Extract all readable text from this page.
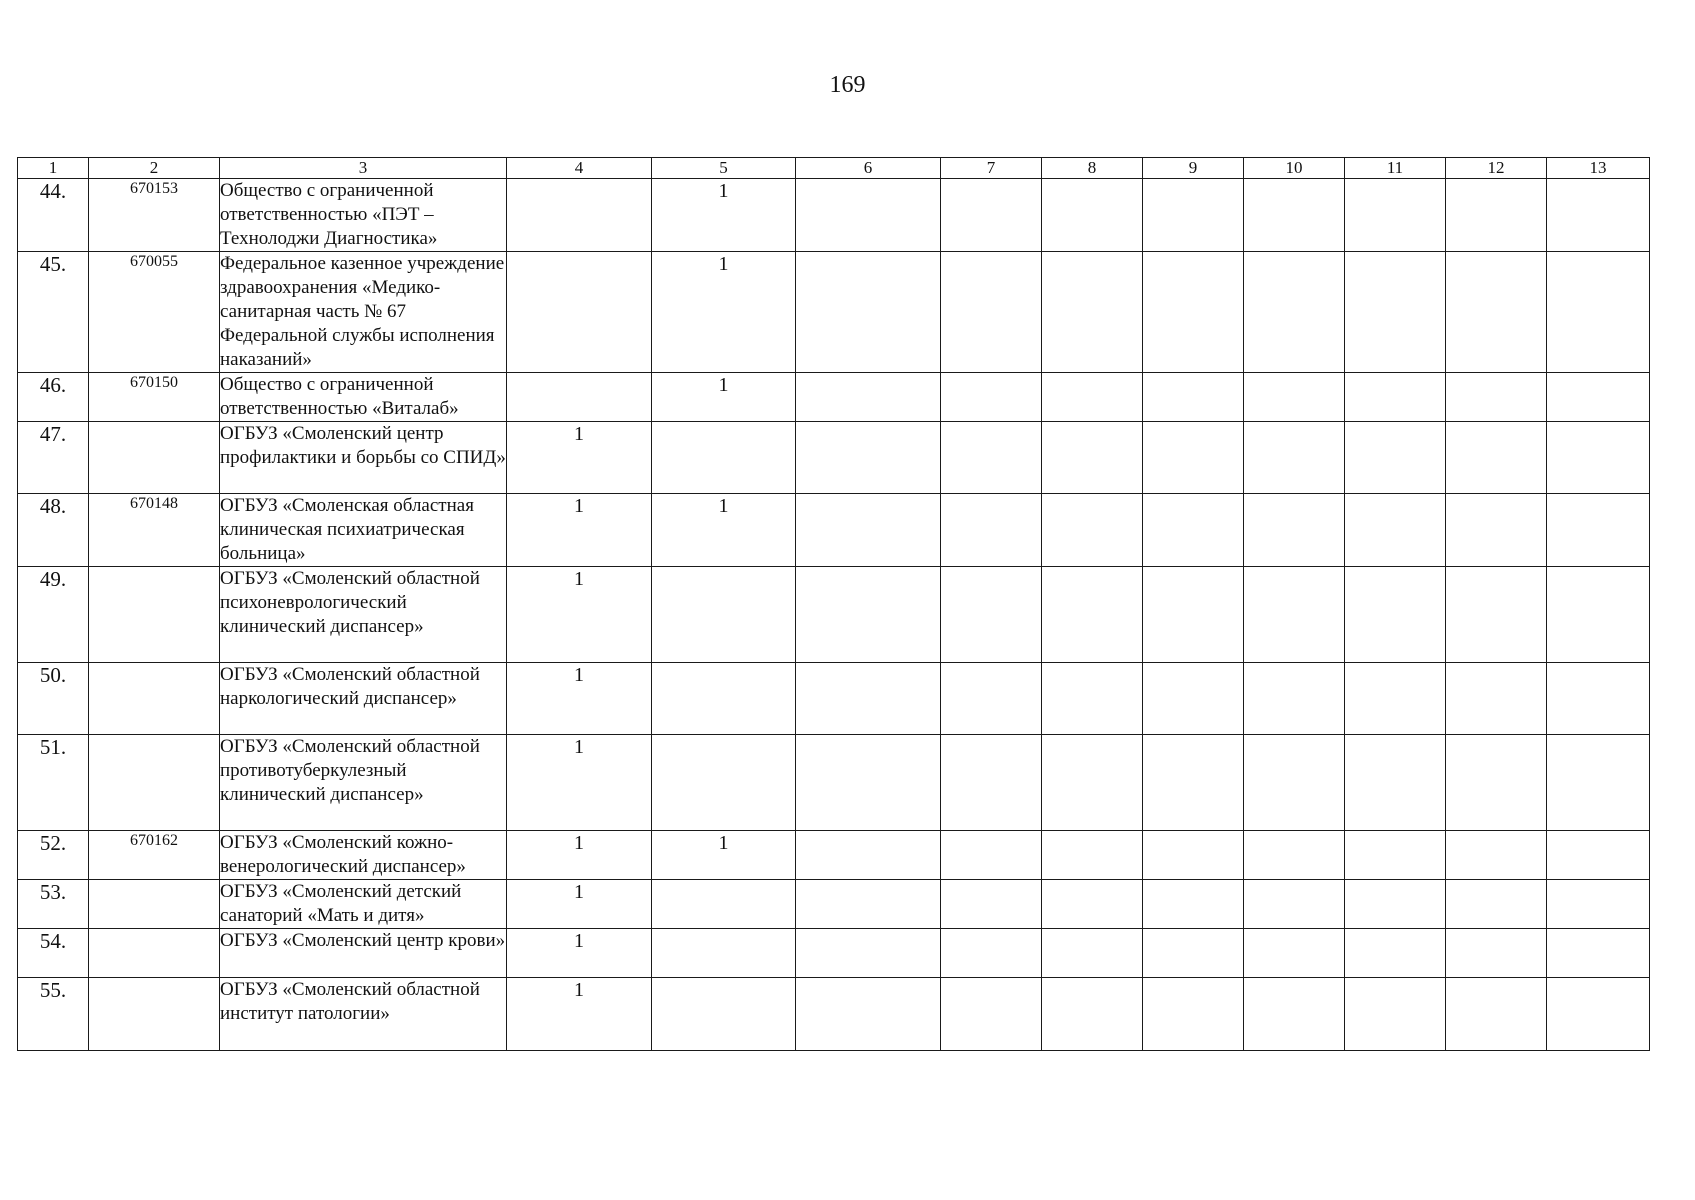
169
1	2	3	4	5	6	7	8	9	10	11	12	13
44.	670153	Общество с ограниченной ответственностью «ПЭТ – Технолоджи Диагностика»		1								
45.	670055	Федеральное казенное учреждение здравоохранения «Медико-санитарная часть № 67 Федеральной службы исполнения наказаний»		1								
46.	670150	Общество с ограниченной ответственностью «Виталаб»		1								
47.		ОГБУЗ «Смоленский центр профилактики и борьбы со СПИД»	1									
48.	670148	ОГБУЗ «Смоленская областная клиническая психиатрическая больница»	1	1								
49.		ОГБУЗ «Смоленский областной психоневрологический клинический диспансер»	1									
50.		ОГБУЗ «Смоленский областной наркологический диспансер»	1									
51.		ОГБУЗ «Смоленский областной противотуберкулезный клинический диспансер»	1									
52.	670162	ОГБУЗ «Смоленский кожно-венерологический диспансер»	1	1								
53.		ОГБУЗ «Смоленский детский санаторий «Мать и дитя»	1									
54.		ОГБУЗ «Смоленский центр крови»	1									
55.		ОГБУЗ «Смоленский областной институт патологии»	1									
